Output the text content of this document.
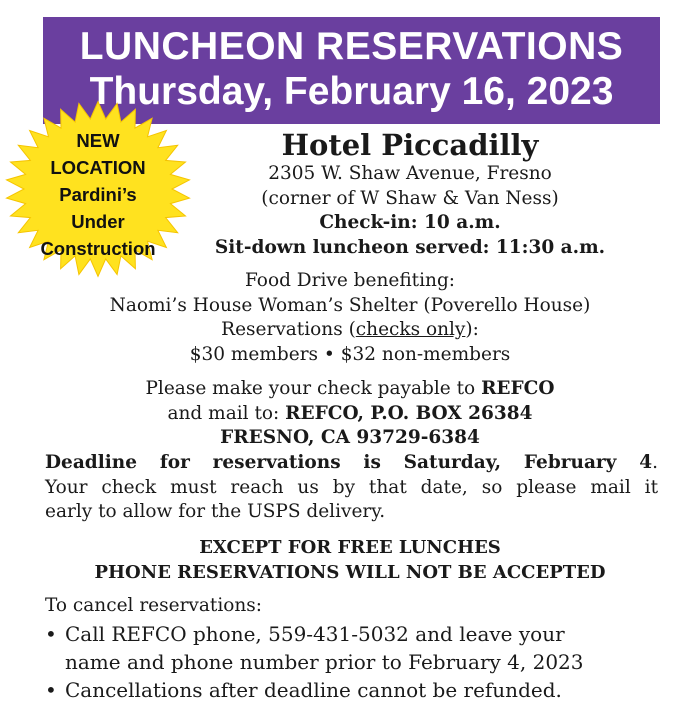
LUNCHEON RESERVATIONS
Thursday, February 16, 2023
NEW
LOCATION
Pardini’s
Under
Construction
Hotel Piccadilly
2305 W. Shaw Avenue, Fresno
(corner of W Shaw & Van Ness)
Check-in: 10 a.m.
Sit-down luncheon served: 11:30 a.m.
Food Drive benefiting:
Naomi’s House Woman’s Shelter (Poverello House)
Reservations (checks only):
$30 members • $32 non-members
Please make your check payable to REFCO
and mail to: REFCO, P.O. BOX 26384
FRESNO, CA 93729-6384
Deadline for reservations is Saturday, February 4.
Your check must reach us by that date, so please mail it
early to allow for the USPS delivery.
EXCEPT FOR FREE LUNCHES
PHONE RESERVATIONS WILL NOT BE ACCEPTED
To cancel reservations:
• Call REFCO phone, 559-431-5032 and leave your
name and phone number prior to February 4, 2023
• Cancellations after deadline cannot be refunded.
